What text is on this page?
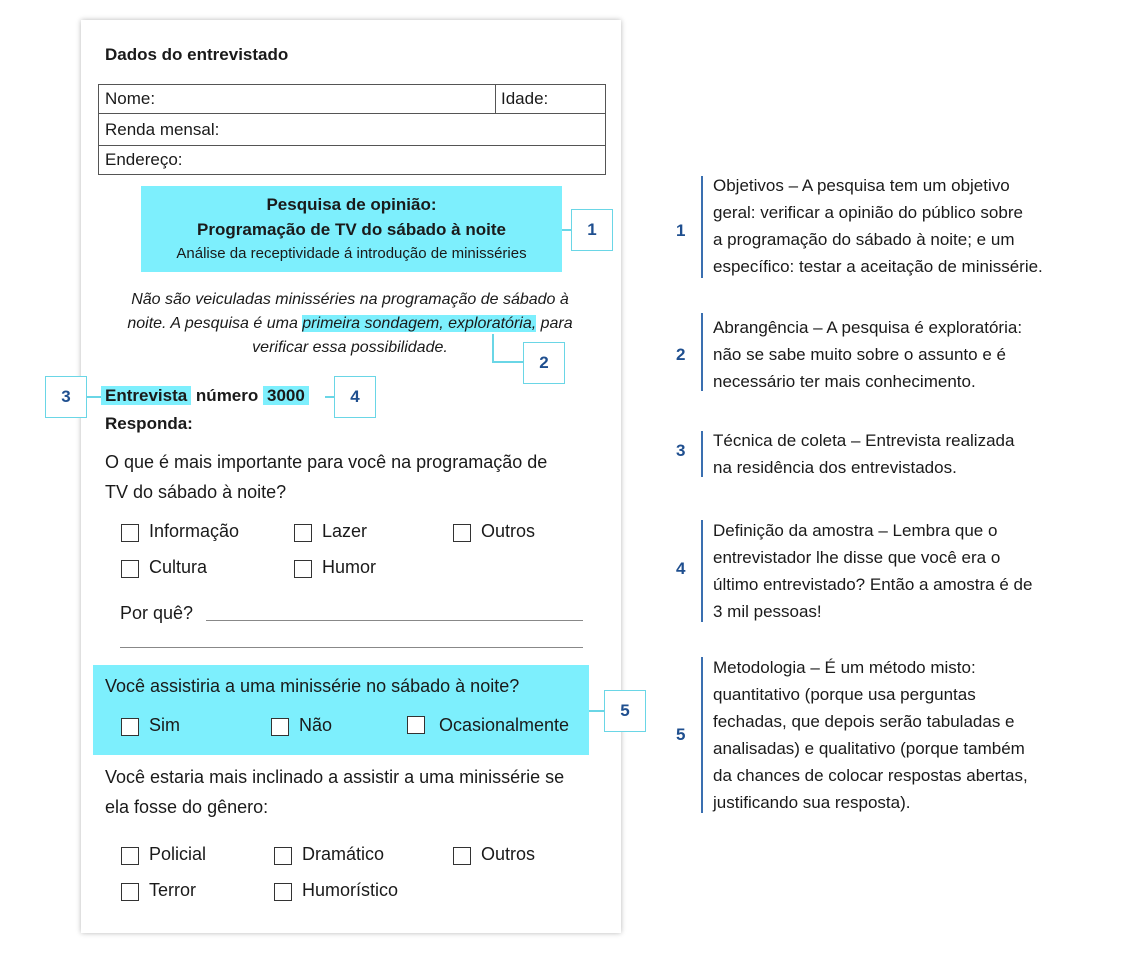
Dados do entrevistado
Nome:	Idade:
Renda mensal:
Endereço:
Pesquisa de opinião:
Programação de TV do sábado à noite
Análise da receptividade á introdução de minisséries
1
Não são veiculadas minisséries na programação de sábado à
noite. A pesquisa é uma primeira sondagem, exploratória, para
verificar essa possibilidade.
2
3	Entrevista número 3000	4
Responda:
O que é mais importante para você na programação de
TV do sábado à noite?
Informação	Lazer	Outros
Cultura	Humor
Por quê?
Você assistiria a uma minissérie no sábado à noite?
Sim	Não	Ocasionalmente
5
Você estaria mais inclinado a assistir a uma minissérie se
ela fosse do gênero:
Policial	Dramático	Outros
Terror	Humorístico
1
Objetivos – A pesquisa tem um objetivo
geral: verificar a opinião do público sobre
a programação do sábado à noite; e um
específico: testar a aceitação de minissérie.
2
Abrangência – A pesquisa é exploratória:
não se sabe muito sobre o assunto e é
necessário ter mais conhecimento.
3
Técnica de coleta – Entrevista realizada
na residência dos entrevistados.
4
Definição da amostra – Lembra que o
entrevistador lhe disse que você era o
último entrevistado? Então a amostra é de
3 mil pessoas!
5
Metodologia – É um método misto:
quantitativo (porque usa perguntas
fechadas, que depois serão tabuladas e
analisadas) e qualitativo (porque também
da chances de colocar respostas abertas,
justificando sua resposta).
